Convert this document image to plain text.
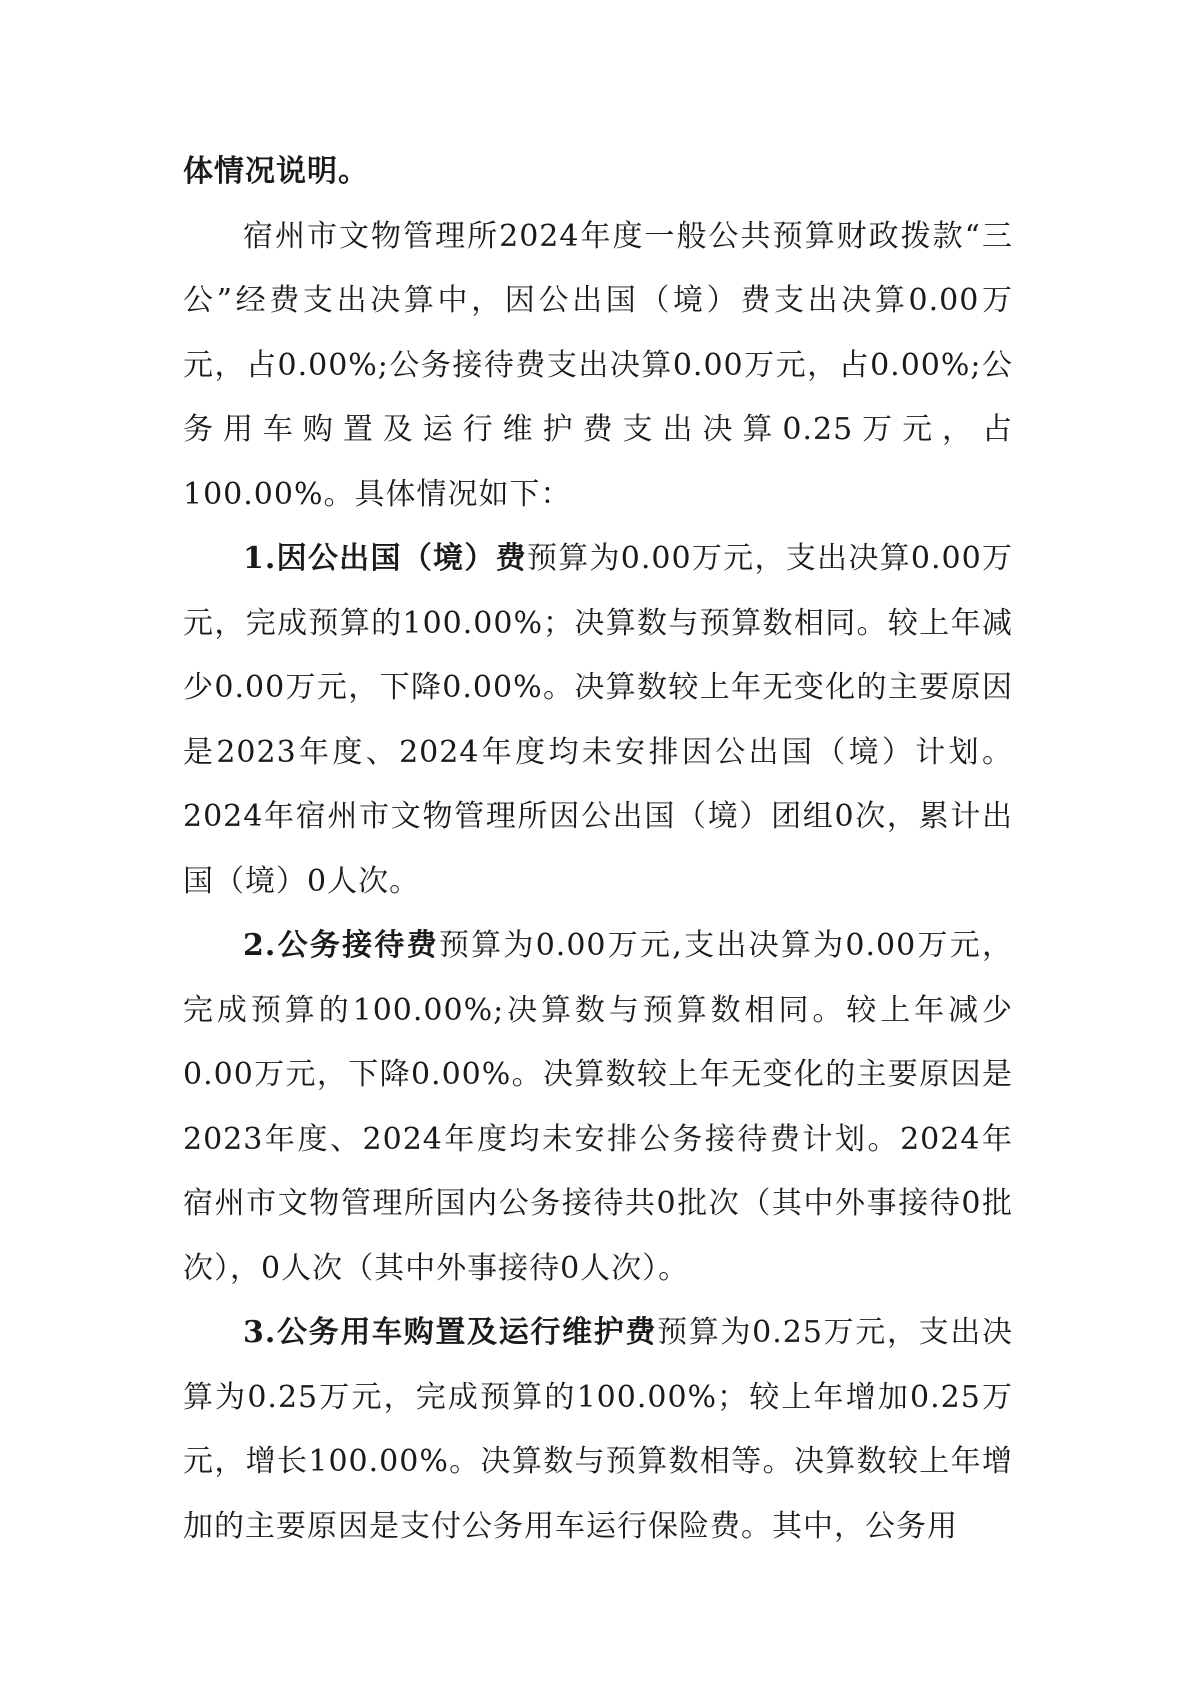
体情况说明。

宿州市文物管理所2024年度一般公共预算财政拨款“三公”经费支出决算中，因公出国（境）费支出决算0.00万元，占0.00%;公务接待费支出决算0.00万元，占0.00%;公务用车购置及运行维护费支出决算0.25万元，占100.00%。具体情况如下：

1.因公出国（境）费预算为0.00万元，支出决算0.00万元，完成预算的100.00%；决算数与预算数相同。较上年减少0.00万元，下降0.00%。决算数较上年无变化的主要原因是2023年度、2024年度均未安排因公出国（境）计划。2024年宿州市文物管理所因公出国（境）团组0次，累计出国（境）0人次。

2.公务接待费预算为0.00万元,支出决算为0.00万元，完成预算的100.00%;决算数与预算数相同。较上年减少0.00万元，下降0.00%。决算数较上年无变化的主要原因是2023年度、2024年度均未安排公务接待费计划。2024年宿州市文物管理所国内公务接待共0批次（其中外事接待0批次），0人次（其中外事接待0人次）。

3.公务用车购置及运行维护费预算为0.25万元，支出决算为0.25万元，完成预算的100.00%；较上年增加0.25万元，增长100.00%。决算数与预算数相等。决算数较上年增加的主要原因是支付公务用车运行保险费。其中，公务用
